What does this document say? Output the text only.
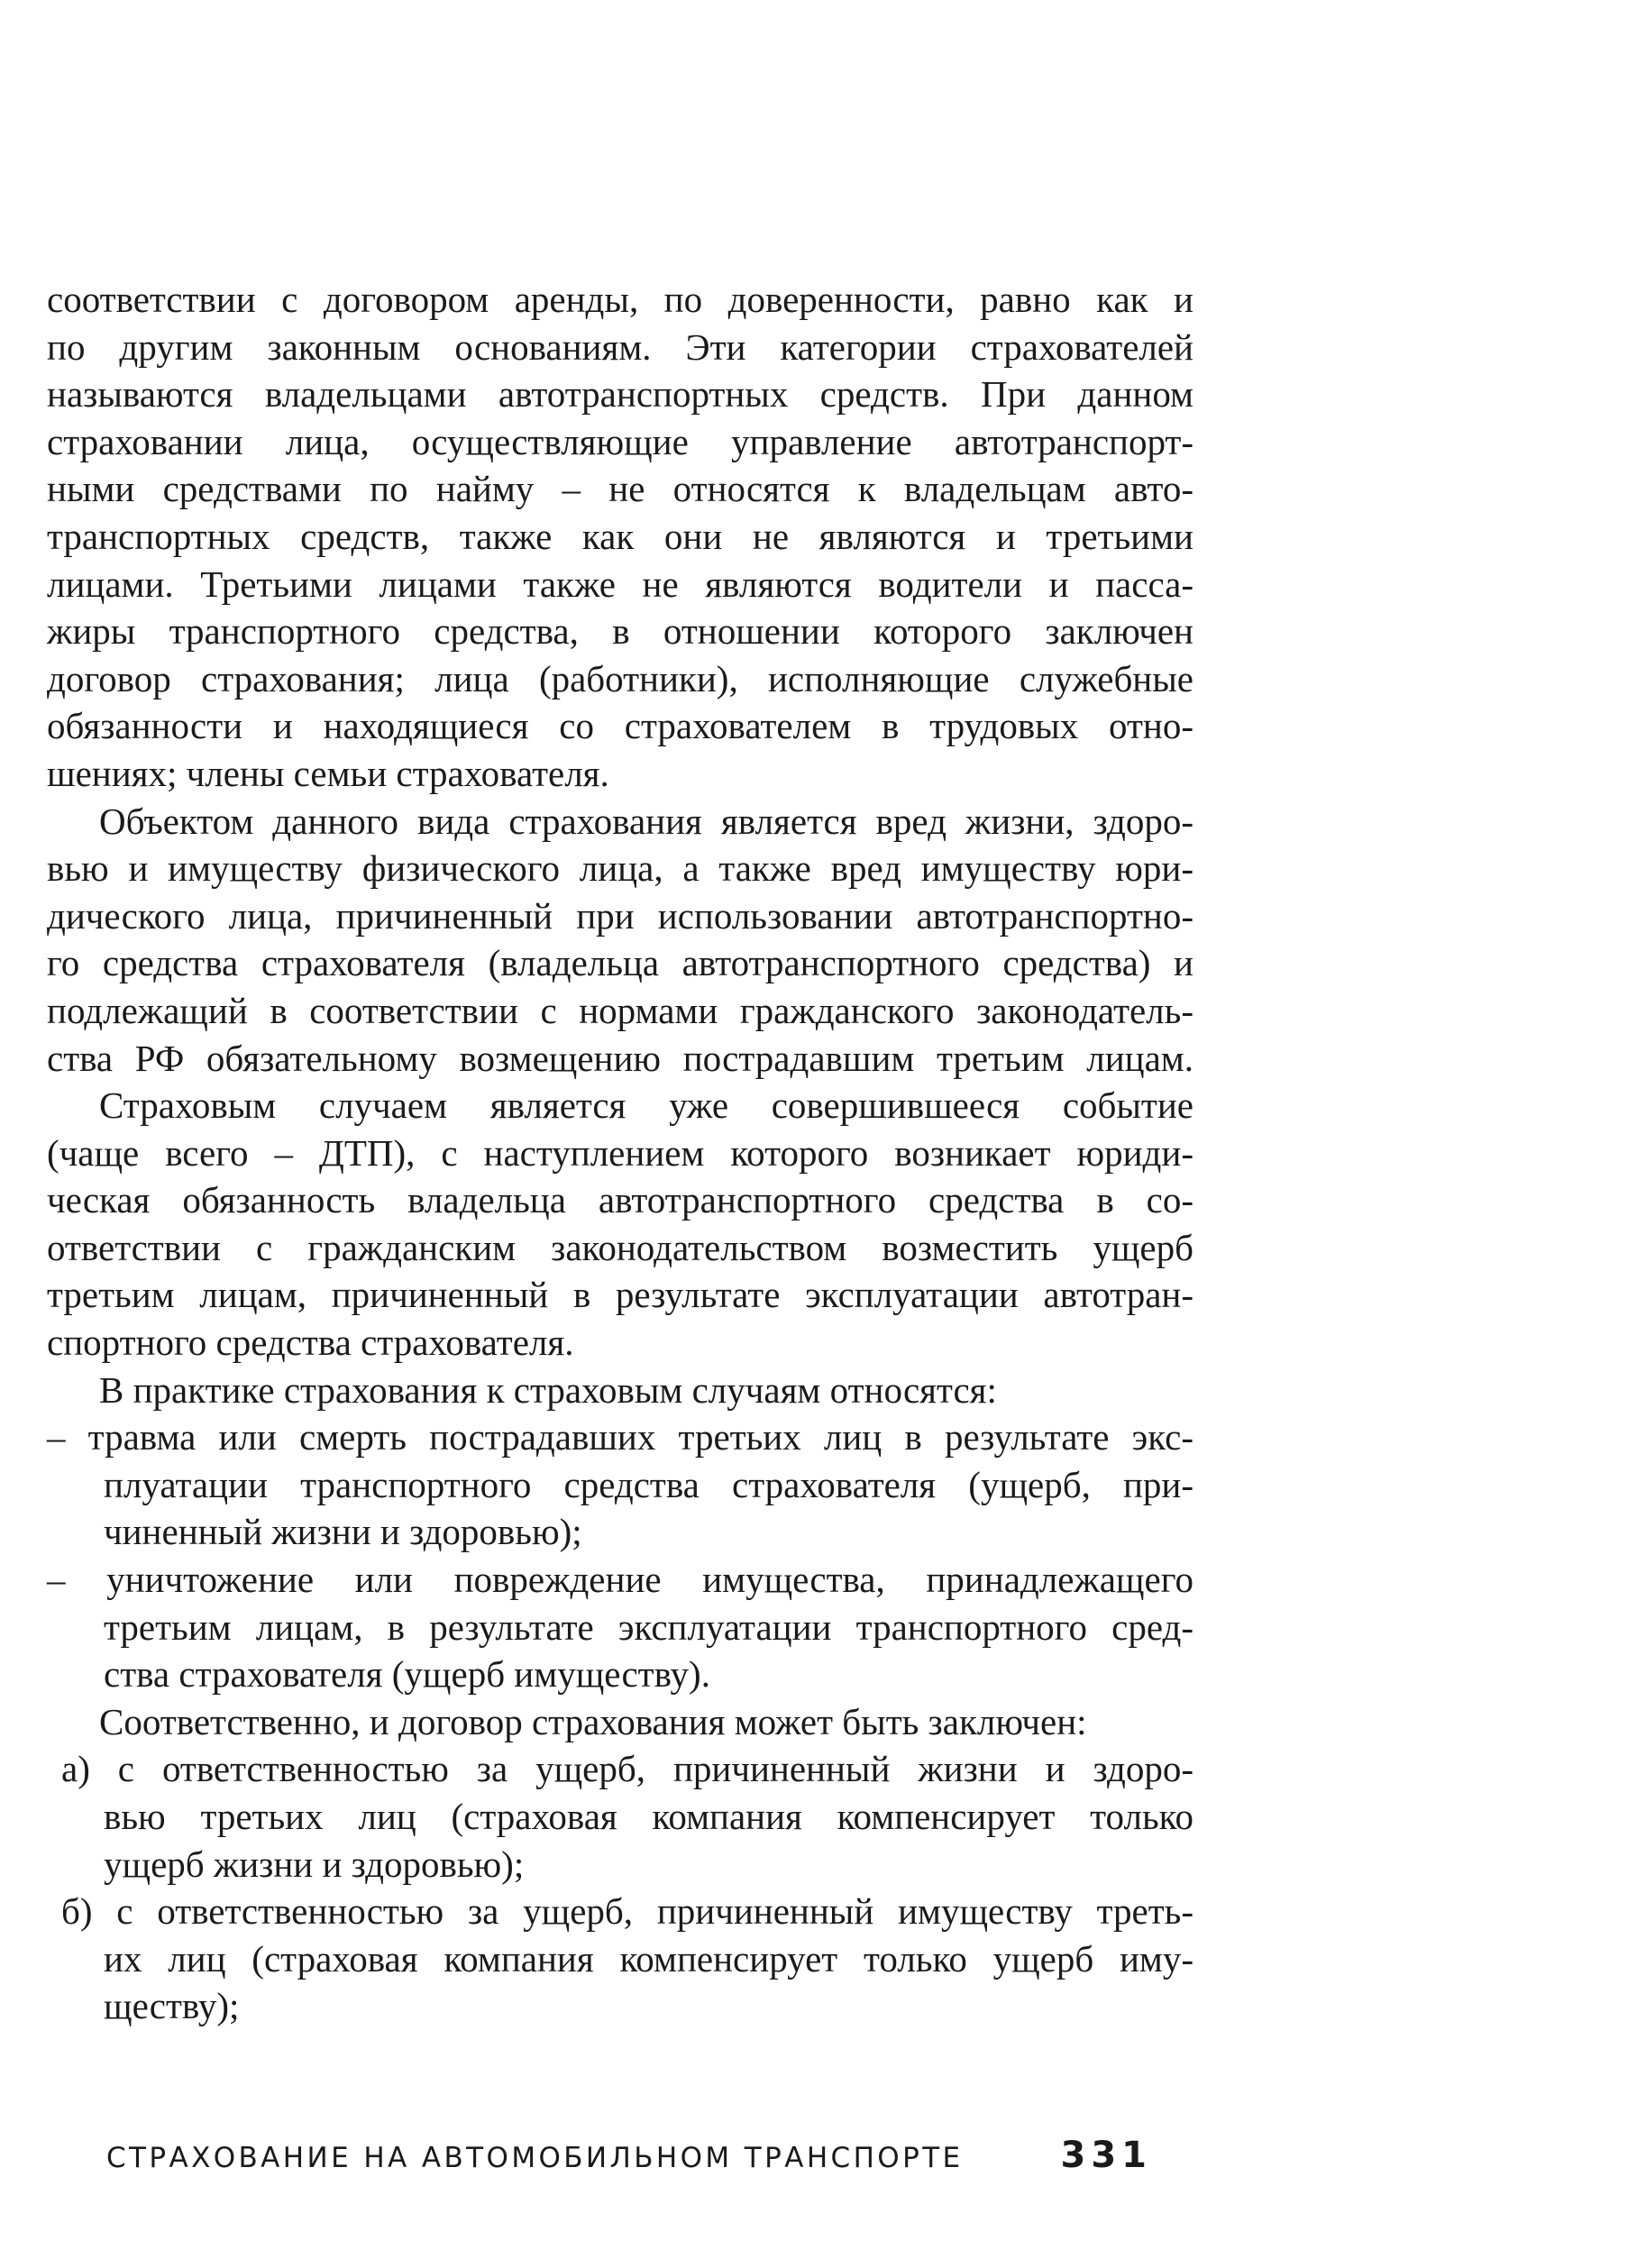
соответствии с договором аренды, по доверенности, равно как и
по другим законным основаниям. Эти категории страхователей
называются владельцами автотранспортных средств. При данном
страховании лица, осуществляющие управление автотранспорт-
ными средствами по найму – не относятся к владельцам авто-
транспортных средств, также как они не являются и третьими
лицами. Третьими лицами также не являются водители и пасса-
жиры транспортного средства, в отношении которого заключен
договор страхования; лица (работники), исполняющие служебные
обязанности и находящиеся со страхователем в трудовых отно-
шениях; члены семьи страхователя.
Объектом данного вида страхования является вред жизни, здоро-
вью и имуществу физического лица, а также вред имуществу юри-
дического лица, причиненный при использовании автотранспортно-
го средства страхователя (владельца автотранспортного средства) и
подлежащий в соответствии с нормами гражданского законодатель-
ства РФ обязательному возмещению пострадавшим третьим лицам.
Страховым случаем является уже совершившееся событие
(чаще всего – ДТП), с наступлением которого возникает юриди-
ческая обязанность владельца автотранспортного средства в со-
ответствии с гражданским законодательством возместить ущерб
третьим лицам, причиненный в результате эксплуатации автотран-
спортного средства страхователя.
В практике страхования к страховым случаям относятся:
– травма или смерть пострадавших третьих лиц в результате экс-
плуатации транспортного средства страхователя (ущерб, при-
чиненный жизни и здоровью);
– уничтожение или повреждение имущества, принадлежащего
третьим лицам, в результате эксплуатации транспортного сред-
ства страхователя (ущерб имуществу).
Соответственно, и договор страхования может быть заключен:
а) с ответственностью за ущерб, причиненный жизни и здоро-
вью третьих лиц (страховая компания компенсирует только
ущерб жизни и здоровью);
б) с ответственностью за ущерб, причиненный имуществу треть-
их лиц (страховая компания компенсирует только ущерб иму-
ществу);
СТРАХОВАНИЕ НА АВТОМОБИЛЬНОМ ТРАНСПОРТЕ	331
